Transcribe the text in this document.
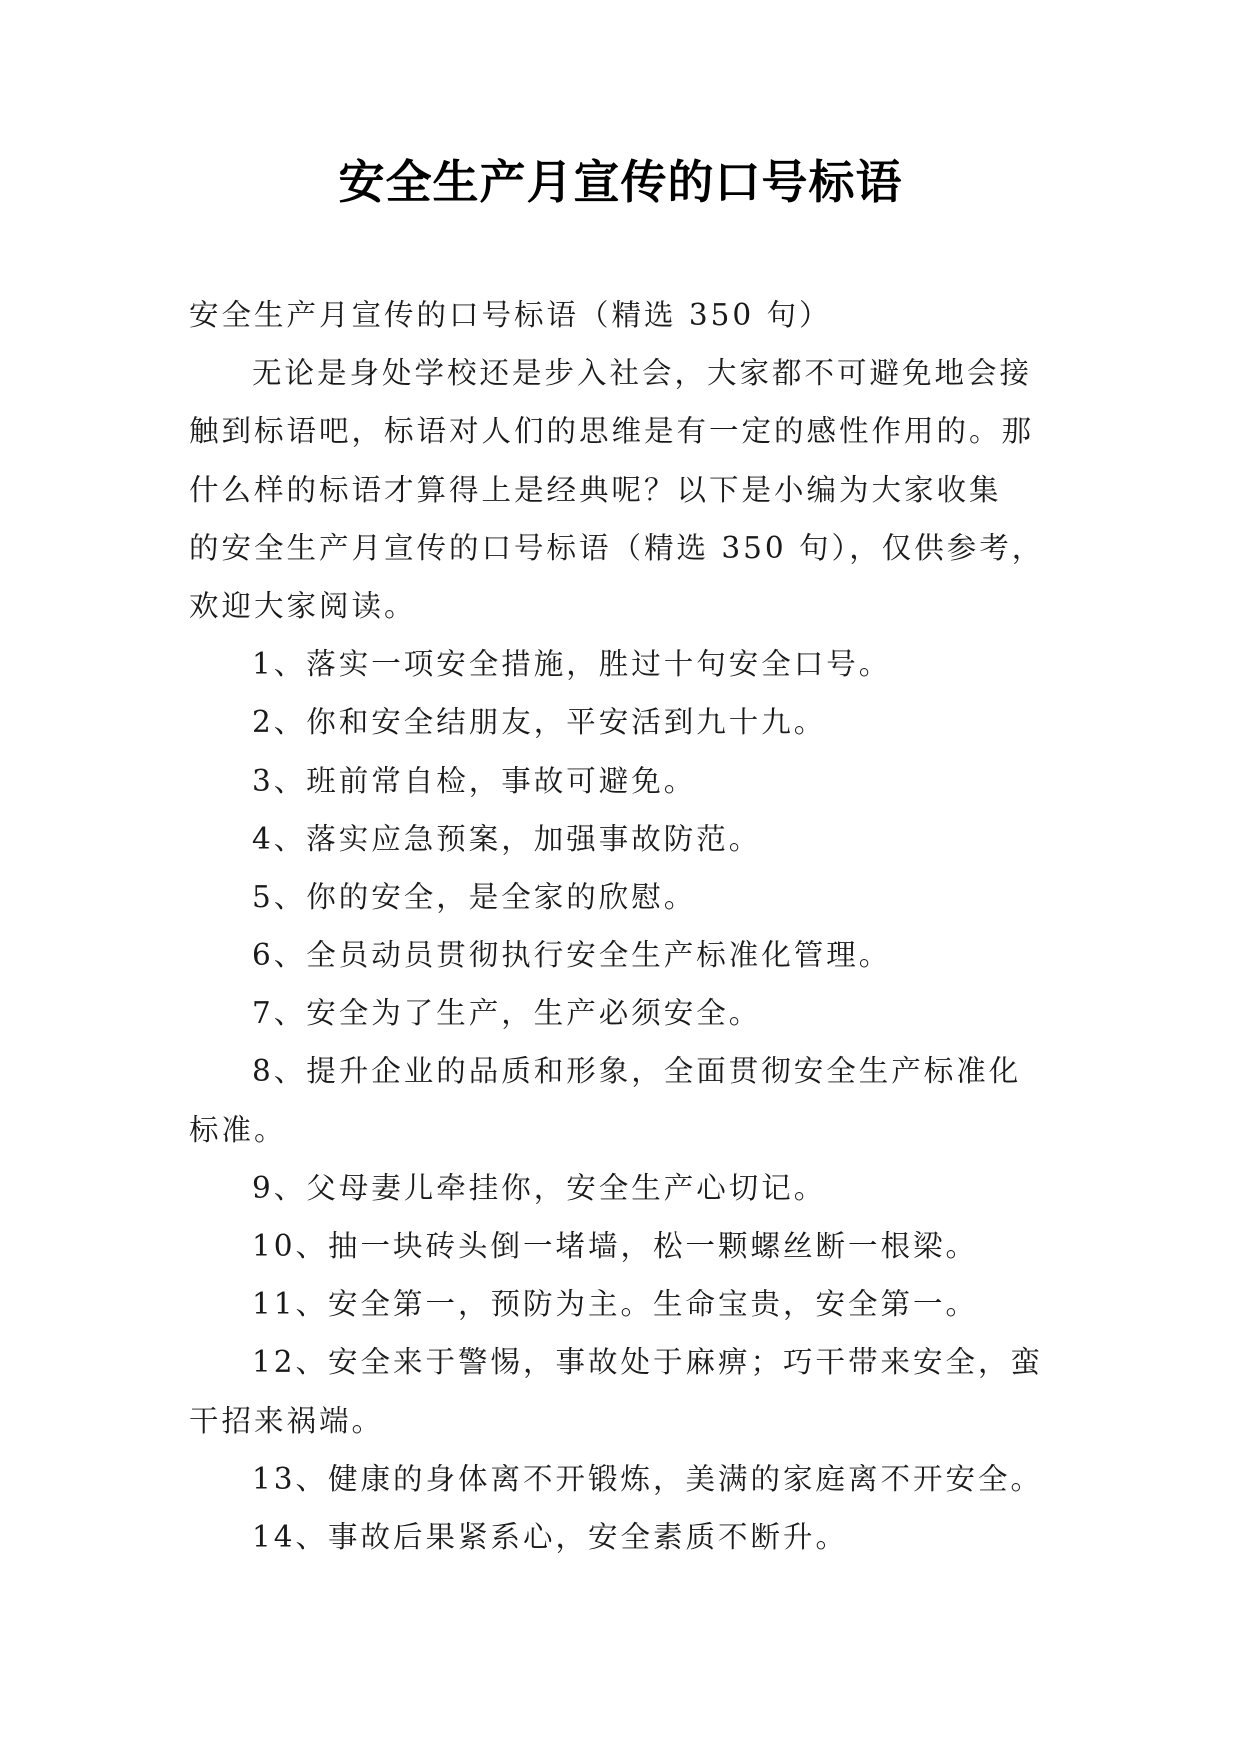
安全生产月宣传的口号标语
安全生产月宣传的口号标语（精选 350 句）
无论是身处学校还是步入社会，大家都不可避免地会接
触到标语吧，标语对人们的思维是有一定的感性作用的。那
什么样的标语才算得上是经典呢？以下是小编为大家收集
的安全生产月宣传的口号标语（精选 350 句），仅供参考，
欢迎大家阅读。
1、落实一项安全措施，胜过十句安全口号。
2、你和安全结朋友，平安活到九十九。
3、班前常自检，事故可避免。
4、落实应急预案，加强事故防范。
5、你的安全，是全家的欣慰。
6、全员动员贯彻执行安全生产标准化管理。
7、安全为了生产，生产必须安全。
8、提升企业的品质和形象，全面贯彻安全生产标准化
标准。
9、父母妻儿牵挂你，安全生产心切记。
10、抽一块砖头倒一堵墙，松一颗螺丝断一根梁。
11、安全第一，预防为主。生命宝贵，安全第一。
12、安全来于警惕，事故处于麻痹；巧干带来安全，蛮
干招来祸端。
13、健康的身体离不开锻炼，美满的家庭离不开安全。
14、事故后果紧系心，安全素质不断升。
